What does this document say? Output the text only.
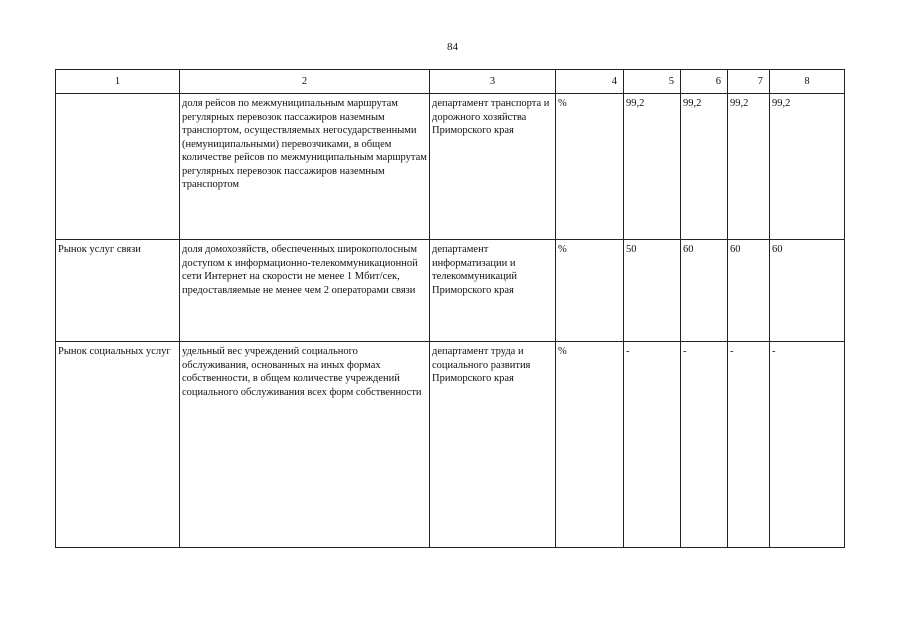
84
1	2	3	4	5	6	7	8
	доля рейсов по межмуниципальным маршрутам регулярных перевозок пассажиров наземным транспортом, осуществляемых негосударственными (немуниципальными) перевозчиками, в общем количестве рейсов по межмуниципальным маршрутам регулярных перевозок пассажиров наземным транспортом	департамент транспорта и дорожного хозяйства Приморского края	%	99,2	99,2	99,2	99,2
Рынок услуг связи	доля домохозяйств, обеспеченных широкополосным доступом к информационно-телекоммуникационной сети Интернет на скорости не менее 1 Мбит/сек, предоставляемые не менее чем 2 операторами связи	департамент информатизации и телекоммуникаций Приморского края	%	50	60	60	60
Рынок социальных услуг	удельный вес учреждений социального обслуживания, основанных на иных формах собственности, в общем количестве учреждений социального обслуживания всех форм собственности	департамент труда и социального развития Приморского края	%	-	-	-	-
